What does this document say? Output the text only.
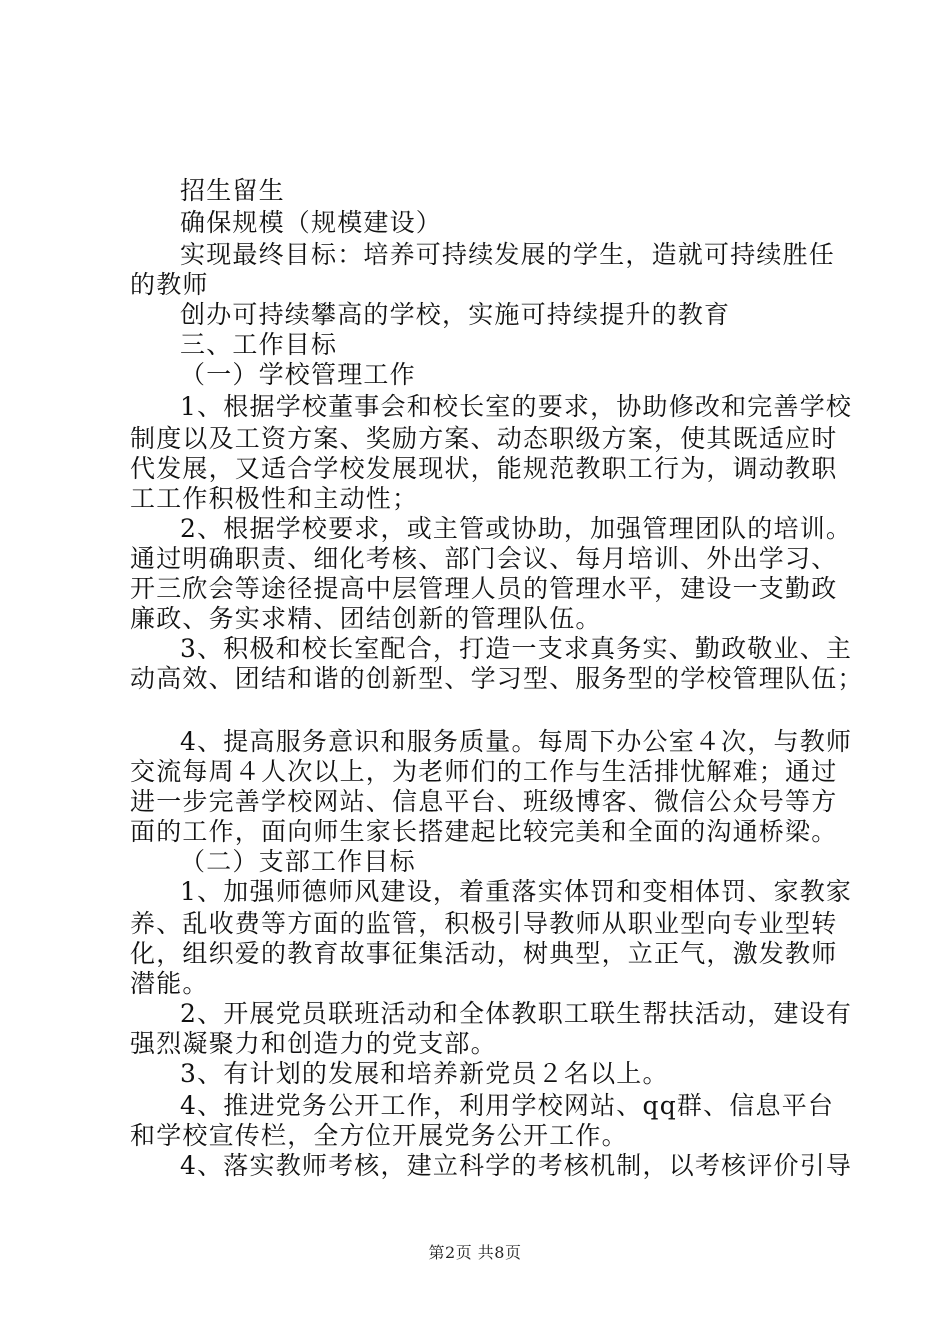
招生留生
确保规模（规模建设）
实现最终目标：培养可持续发展的学生，造就可持续胜任
的教师
创办可持续攀高的学校，实施可持续提升的教育
三、工作目标
（一）学校管理工作
1、根据学校董事会和校长室的要求，协助修改和完善学校
制度以及工资方案、奖励方案、动态职级方案，使其既适应时
代发展，又适合学校发展现状，能规范教职工行为，调动教职
工工作积极性和主动性；
2、根据学校要求，或主管或协助，加强管理团队的培训。
通过明确职责、细化考核、部门会议、每月培训、外出学习、
开三欣会等途径提高中层管理人员的管理水平，建设一支勤政
廉政、务实求精、团结创新的管理队伍。
3、积极和校长室配合，打造一支求真务实、勤政敬业、主
动高效、团结和谐的创新型、学习型、服务型的学校管理队伍；
4、提高服务意识和服务质量。每周下办公室４次，与教师
交流每周４人次以上，为老师们的工作与生活排忧解难；通过
进一步完善学校网站、信息平台、班级博客、微信公众号等方
面的工作，面向师生家长搭建起比较完美和全面的沟通桥梁。
（二）支部工作目标
1、加强师德师风建设，着重落实体罚和变相体罚、家教家
养、乱收费等方面的监管，积极引导教师从职业型向专业型转
化，组织爱的教育故事征集活动，树典型，立正气，激发教师
潜能。
2、开展党员联班活动和全体教职工联生帮扶活动，建设有
强烈凝聚力和创造力的党支部。
3、有计划的发展和培养新党员２名以上。
4、推进党务公开工作，利用学校网站、qq群、信息平台
和学校宣传栏，全方位开展党务公开工作。
4、落实教师考核，建立科学的考核机制，以考核评价引导
第2页 共8页
